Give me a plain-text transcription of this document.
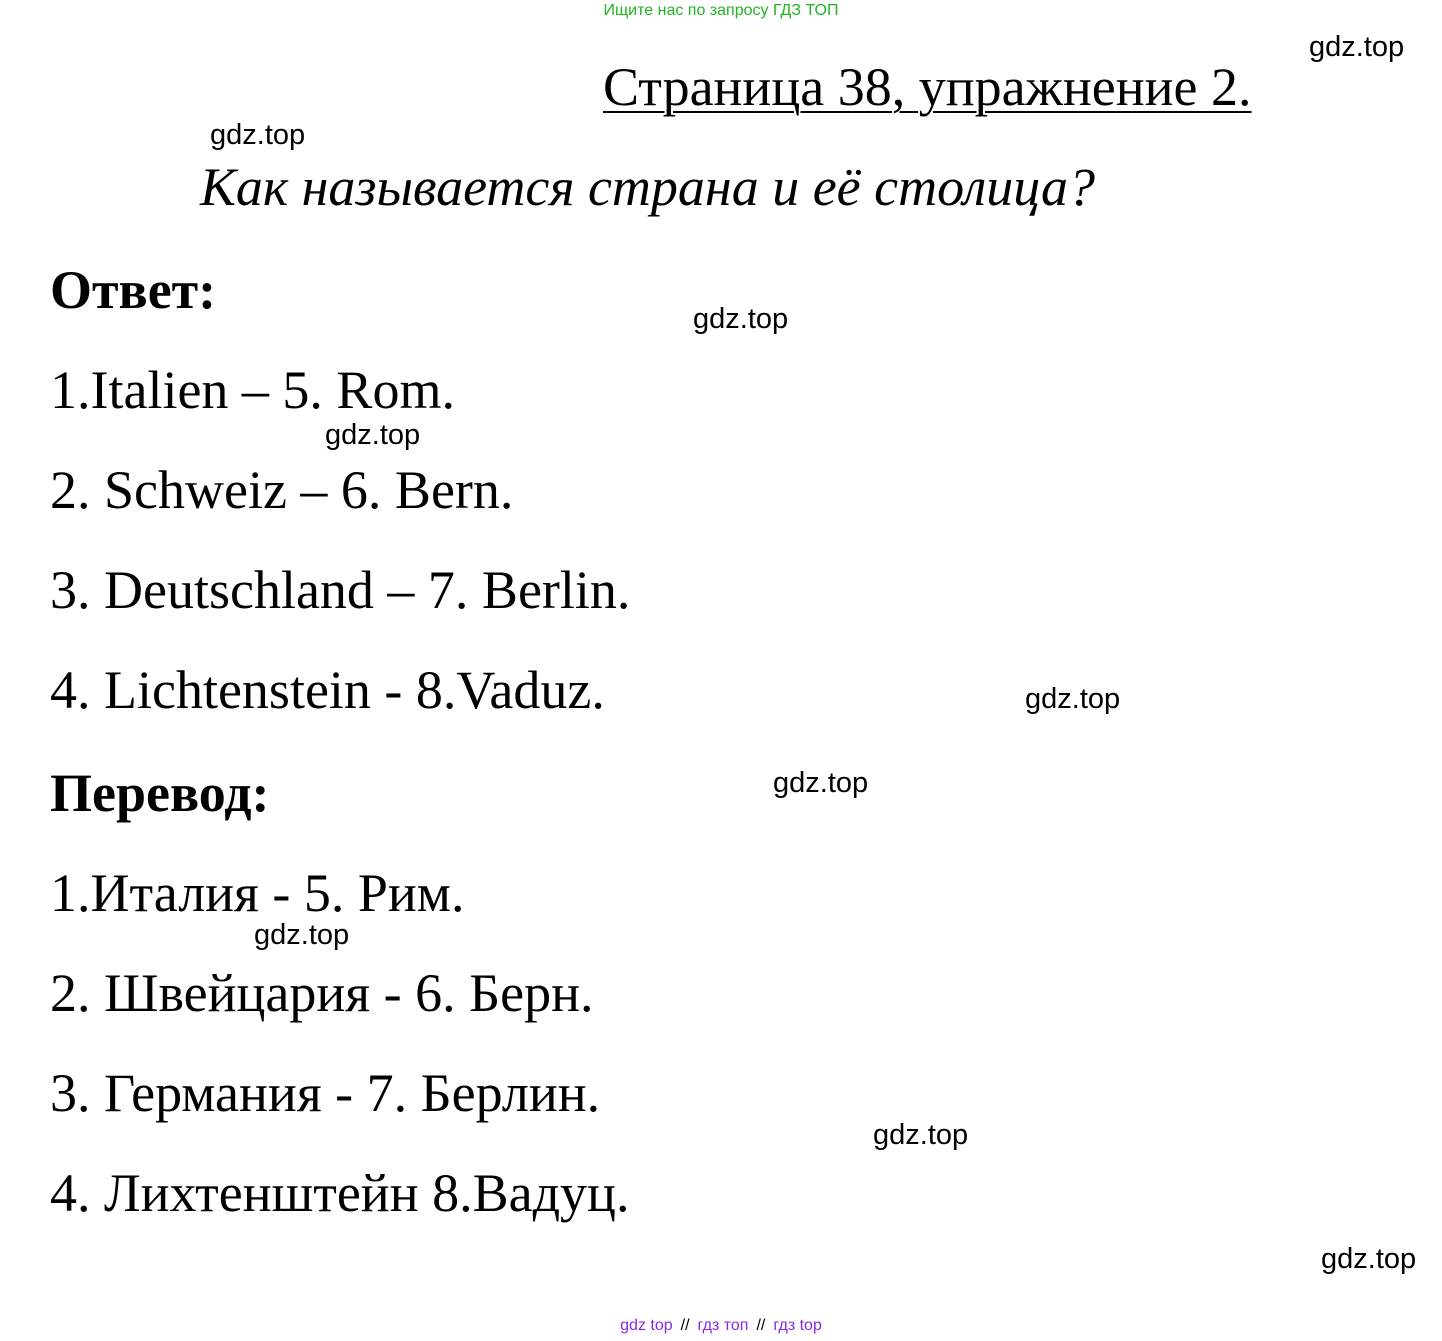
Ищите нас по запросу ГДЗ ТОП
Страница 38, упражнение 2.
Как называется страна и её столица?
Ответ:
1.Italien – 5. Rom.
2. Schweiz – 6. Bern.
3. Deutschland – 7. Berlin.
4. Lichtenstein - 8.Vaduz.
Перевод:
1.Италия - 5. Рим.
2. Швейцария - 6. Берн.
3. Германия - 7. Берлин.
4. Лихтенштейн 8.Вадуц.
gdz.top
gdz.top
gdz.top
gdz.top
gdz.top
gdz.top
gdz.top
gdz.top
gdz.top
gdz top // гдз топ // гдз top
